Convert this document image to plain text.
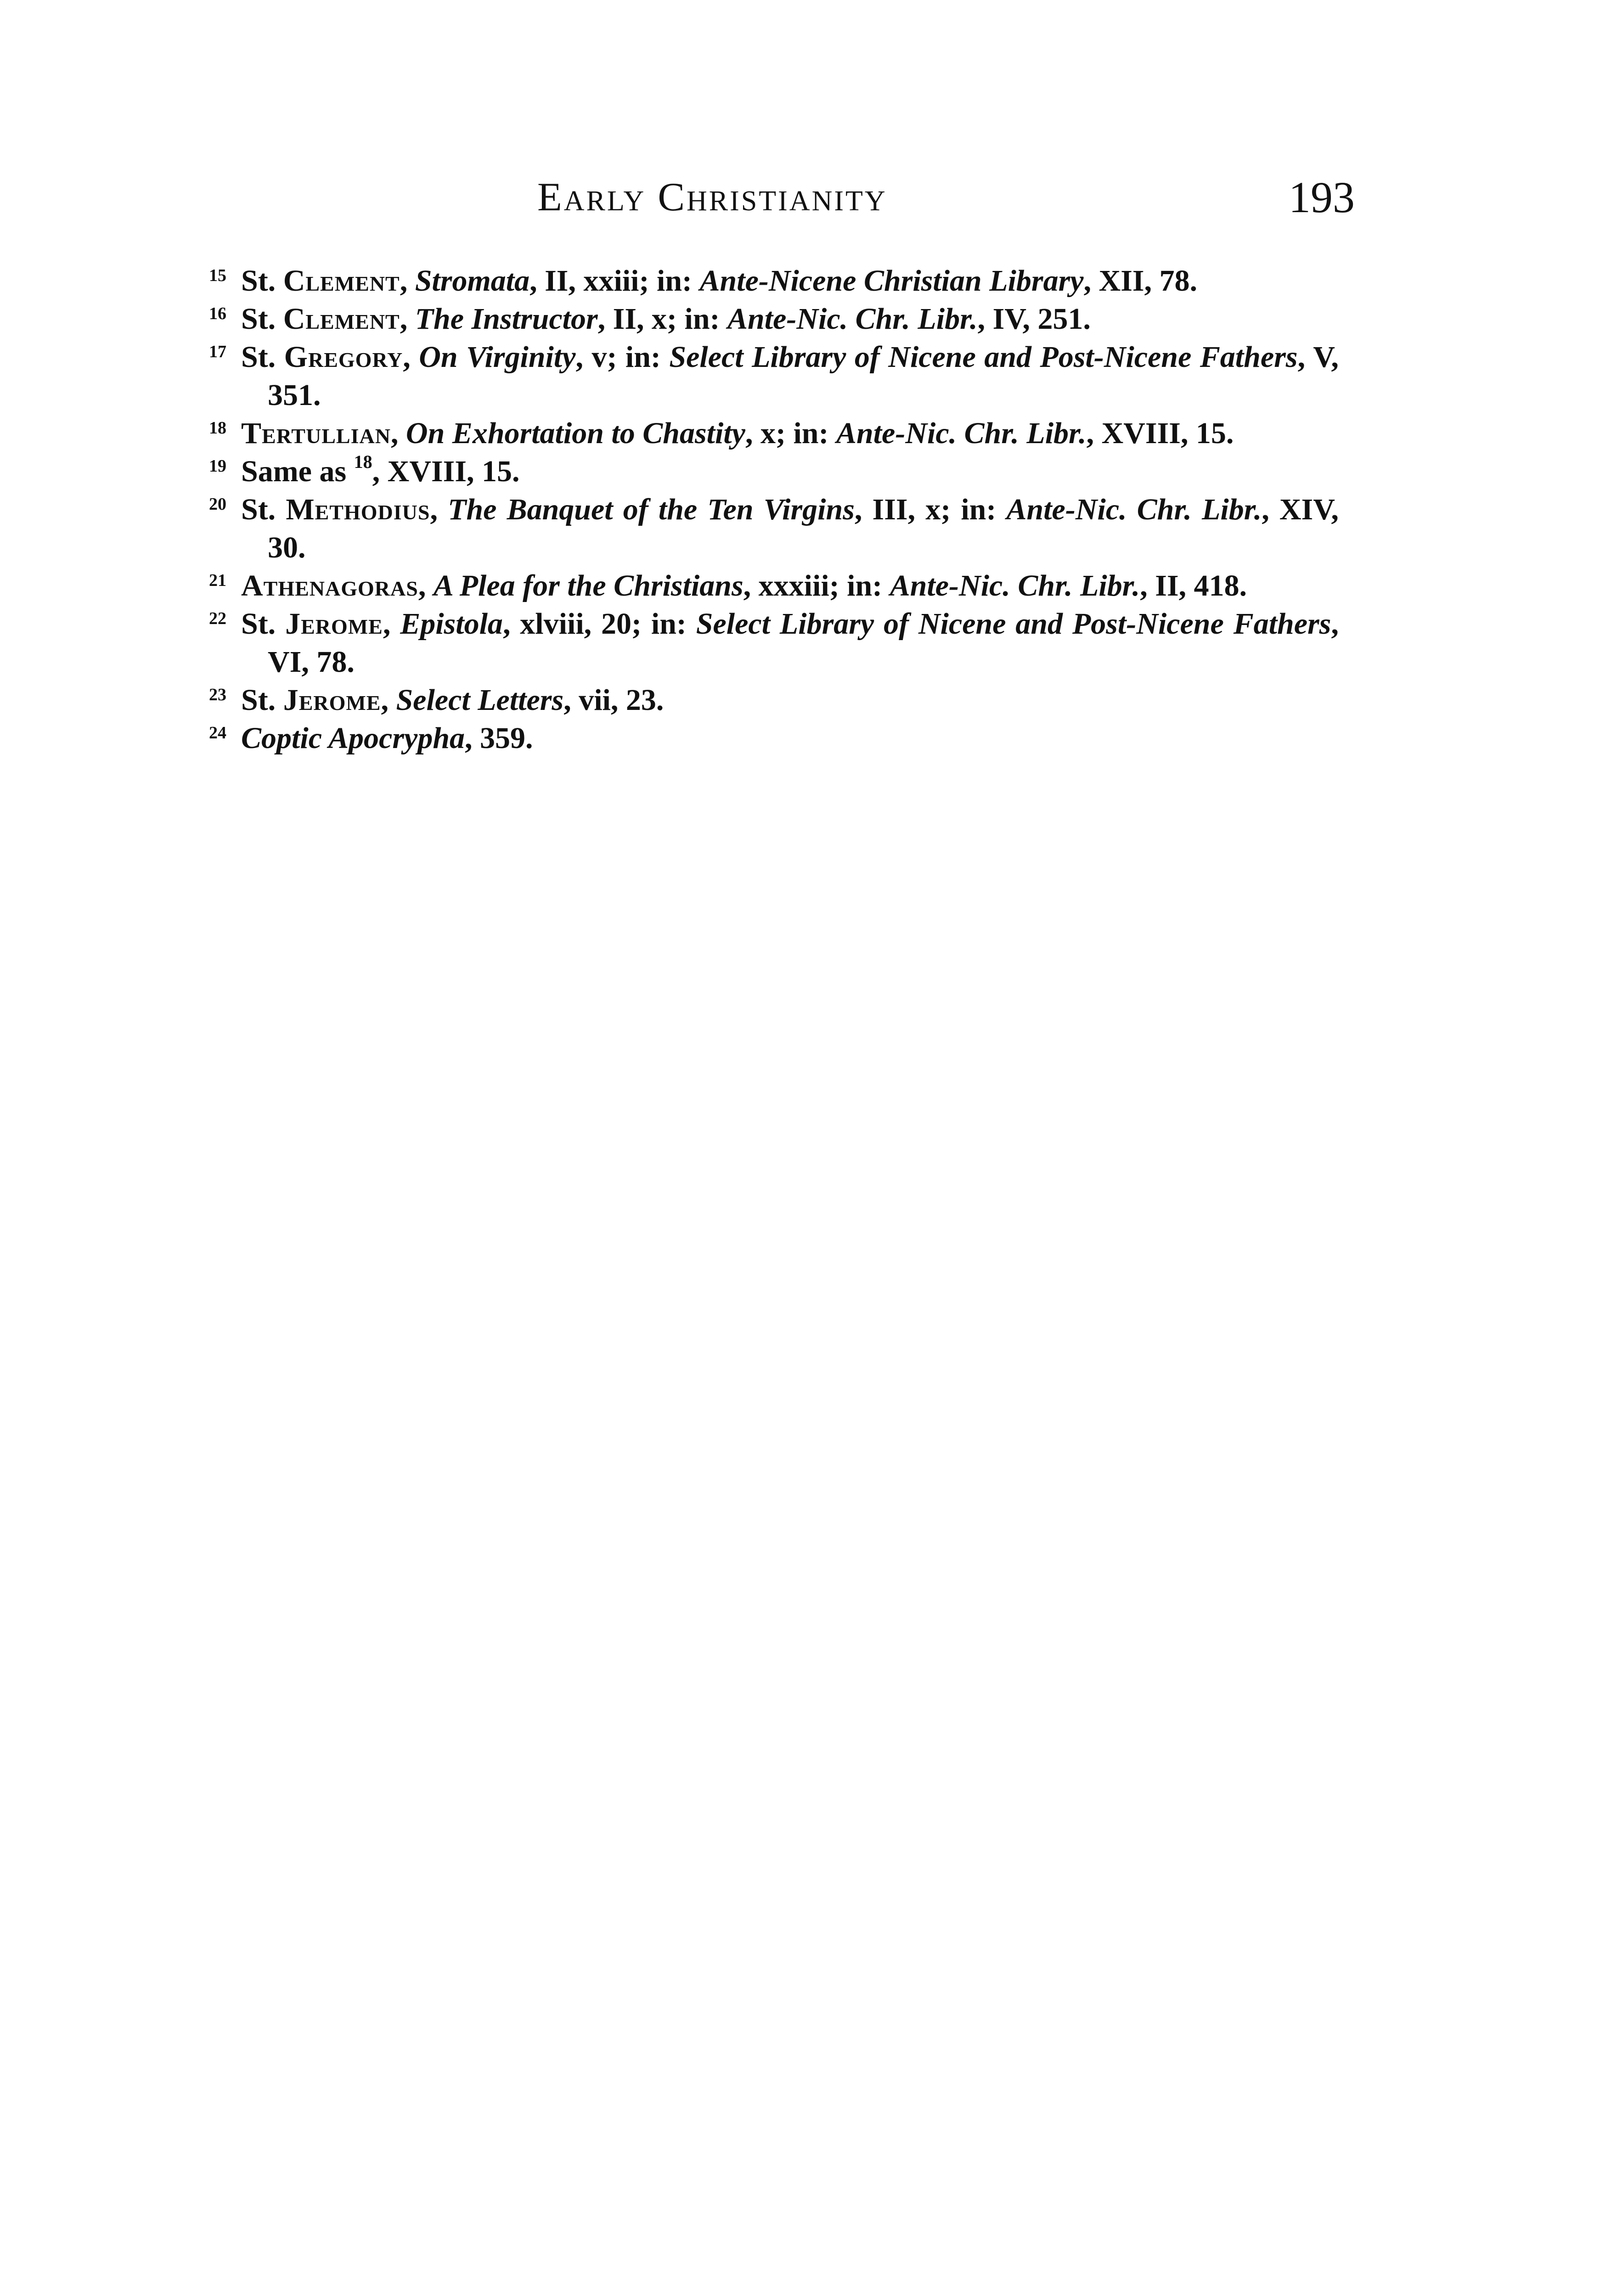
Early Christianity	193
15 St. Clement, Stromata, II, xxiii; in: Ante-Nicene Christian Library, XII, 78.
16 St. Clement, The Instructor, II, x; in: Ante-Nic. Chr. Libr., IV, 251.
17 St. Gregory, On Virginity, v; in: Select Library of Nicene and Post-Nicene Fathers, V, 351.
18 Tertullian, On Exhortation to Chastity, x; in: Ante-Nic. Chr. Libr., XVIII, 15.
19 Same as $^{18}$, XVIII, 15.
20 St. Methodius, The Banquet of the Ten Virgins, III, x; in: Ante-Nic. Chr. Libr., XIV, 30.
21 Athenagoras, A Plea for the Christians, xxxiii; in: Ante-Nic. Chr. Libr., II, 418.
22 St. Jerome, Epistola, xlviii, 20; in: Select Library of Nicene and Post-Nicene Fathers, VI, 78.
23 St. Jerome, Select Letters, vii, 23.
24 Coptic Apocrypha, 359.
